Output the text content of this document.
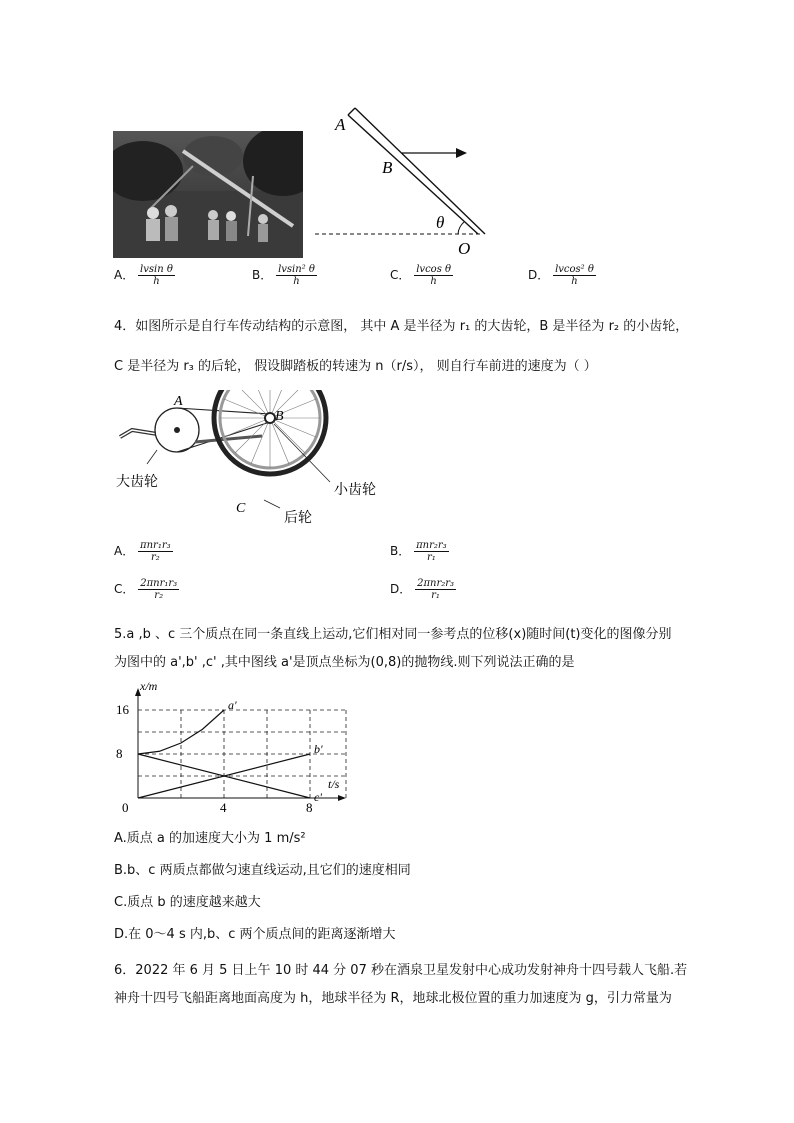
A
B
θ
O
A． $\frac{\text{lvsin θ}}{h}$	B． $\frac{\text{lvsin² θ}}{h}$	C． $\frac{\text{lvcos θ}}{h}$	D． $\frac{\text{lvcos² θ}}{h}$
4．如图所示是自行车传动结构的示意图， 其中 A 是半径为 r₁ 的大齿轮，B 是半径为 r₂ 的小齿轮，
C 是半径为 r₃ 的后轮， 假设脚踏板的转速为 n（r/s）， 则自行车前进的速度为（ ）
A
B
C
大齿轮
小齿轮
后轮
A． $\frac{\text{πnr₁r₃}}{\text{r₂}}$	B． $\frac{\text{πnr₂r₃}}{\text{r₁}}$
C． $\frac{\text{2πnr₁r₃}}{\text{r₂}}$	D． $\frac{\text{2πnr₂r₃}}{\text{r₁}}$
5.a ,b 、c 三个质点在同一条直线上运动,它们相对同一参考点的位移(x)随时间(t)变化的图像分别
为图中的 a',b' ,c' ,其中图线 a'是顶点坐标为(0,8)的抛物线.则下列说法正确的是
a'
b'
c'
0	4	8
8
16
x/m
t/s
A.质点 a 的加速度大小为 1 m/s²
B.b、c 两质点都做匀速直线运动,且它们的速度相同
C.质点 b 的速度越来越大
D.在 0～4 s 内,b、c 两个质点间的距离逐渐增大
6．2022 年 6 月 5 日上午 10 时 44 分 07 秒在酒泉卫星发射中心成功发射神舟十四号载人飞船.若
神舟十四号飞船距离地面高度为 h，地球半径为 R，地球北极位置的重力加速度为 g，引力常量为
